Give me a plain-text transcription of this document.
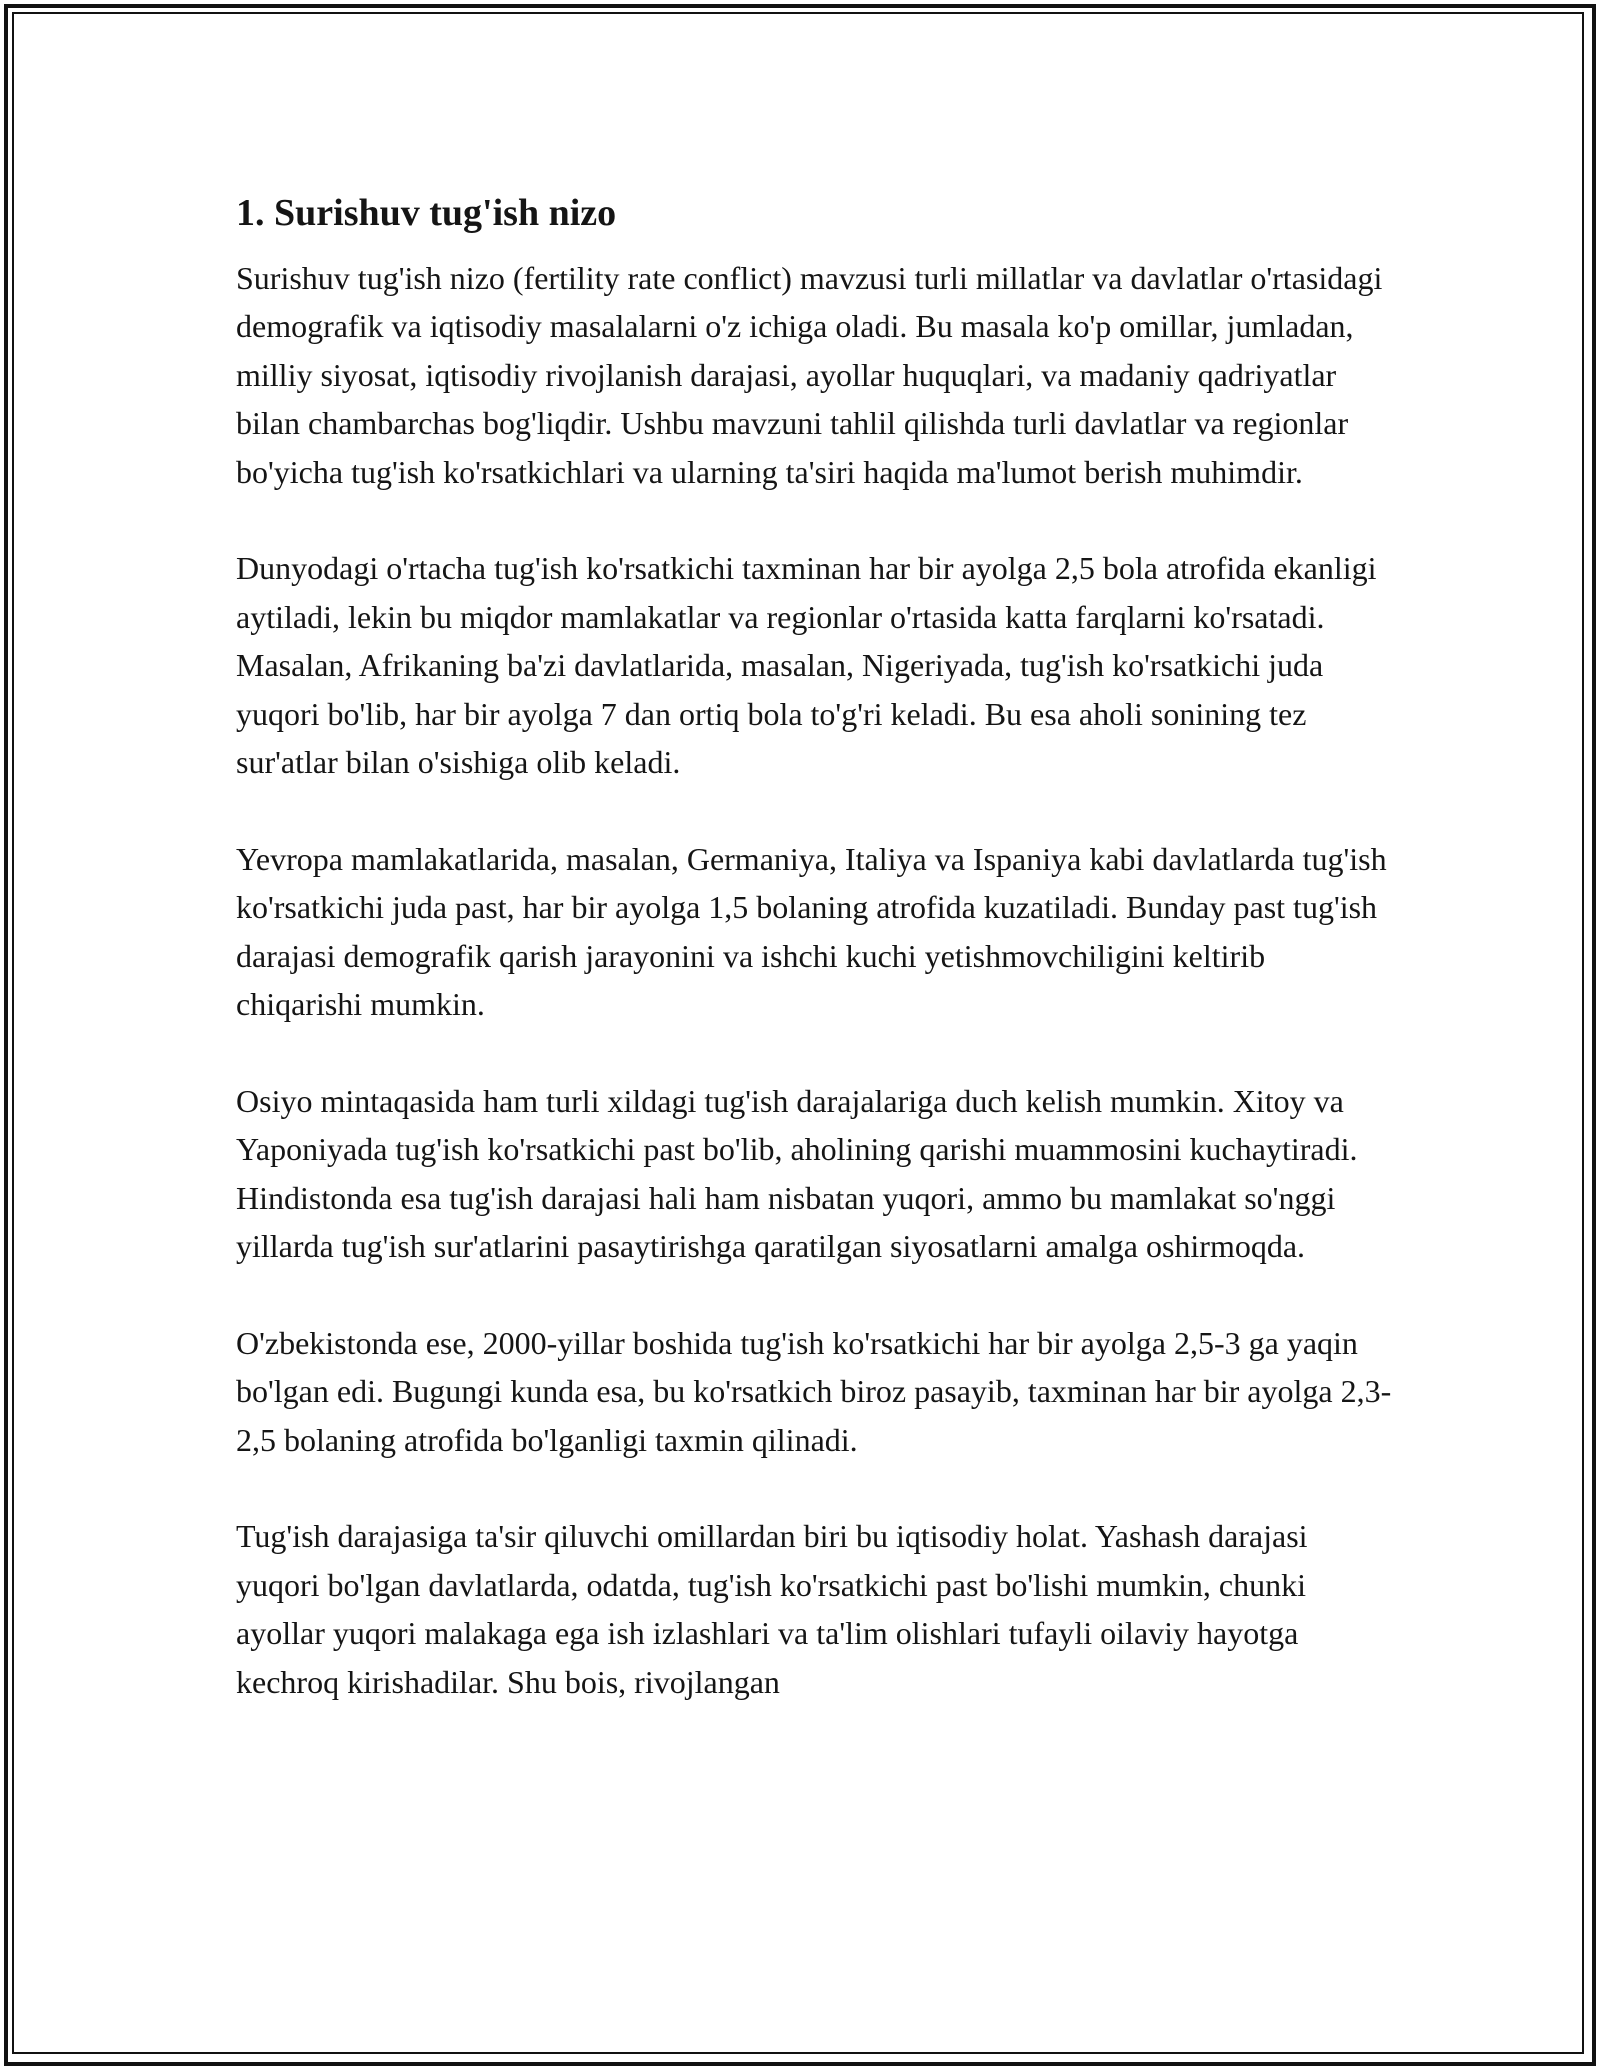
1. Surishuv tug'ish nizo

Surishuv tug'ish nizo (fertility rate conflict) mavzusi turli millatlar va davlatlar o'rtasidagi demografik va iqtisodiy masalalarni o'z ichiga oladi. Bu masala ko'p omillar, jumladan, milliy siyosat, iqtisodiy rivojlanish darajasi, ayollar huquqlari, va madaniy qadriyatlar bilan chambarchas bog'liqdir. Ushbu mavzuni tahlil qilishda turli davlatlar va regionlar bo'yicha tug'ish ko'rsatkichlari va ularning ta'siri haqida ma'lumot berish muhimdir.

Dunyodagi o'rtacha tug'ish ko'rsatkichi taxminan har bir ayolga 2,5 bola atrofida ekanligi aytiladi, lekin bu miqdor mamlakatlar va regionlar o'rtasida katta farqlarni ko'rsatadi. Masalan, Afrikaning ba'zi davlatlarida, masalan, Nigeriyada, tug'ish ko'rsatkichi juda yuqori bo'lib, har bir ayolga 7 dan ortiq bola to'g'ri keladi. Bu esa aholi sonining tez sur'atlar bilan o'sishiga olib keladi.

Yevropa mamlakatlarida, masalan, Germaniya, Italiya va Ispaniya kabi davlatlarda tug'ish ko'rsatkichi juda past, har bir ayolga 1,5 bolaning atrofida kuzatiladi. Bunday past tug'ish darajasi demografik qarish jarayonini va ishchi kuchi yetishmovchiligini keltirib chiqarishi mumkin.

Osiyo mintaqasida ham turli xildagi tug'ish darajalariga duch kelish mumkin. Xitoy va Yaponiyada tug'ish ko'rsatkichi past bo'lib, aholining qarishi muammosini kuchaytiradi. Hindistonda esa tug'ish darajasi hali ham nisbatan yuqori, ammo bu mamlakat so'nggi yillarda tug'ish sur'atlarini pasaytirishga qaratilgan siyosatlarni amalga oshirmoqda.

O'zbekistonda ese, 2000-yillar boshida tug'ish ko'rsatkichi har bir ayolga 2,5-3 ga yaqin bo'lgan edi. Bugungi kunda esa, bu ko'rsatkich biroz pasayib, taxminan har bir ayolga 2,3-2,5 bolaning atrofida bo'lganligi taxmin qilinadi.

Tug'ish darajasiga ta'sir qiluvchi omillardan biri bu iqtisodiy holat. Yashash darajasi yuqori bo'lgan davlatlarda, odatda, tug'ish ko'rsatkichi past bo'lishi mumkin, chunki ayollar yuqori malakaga ega ish izlashlari va ta'lim olishlari tufayli oilaviy hayotga kechroq kirishadilar. Shu bois, rivojlangan
